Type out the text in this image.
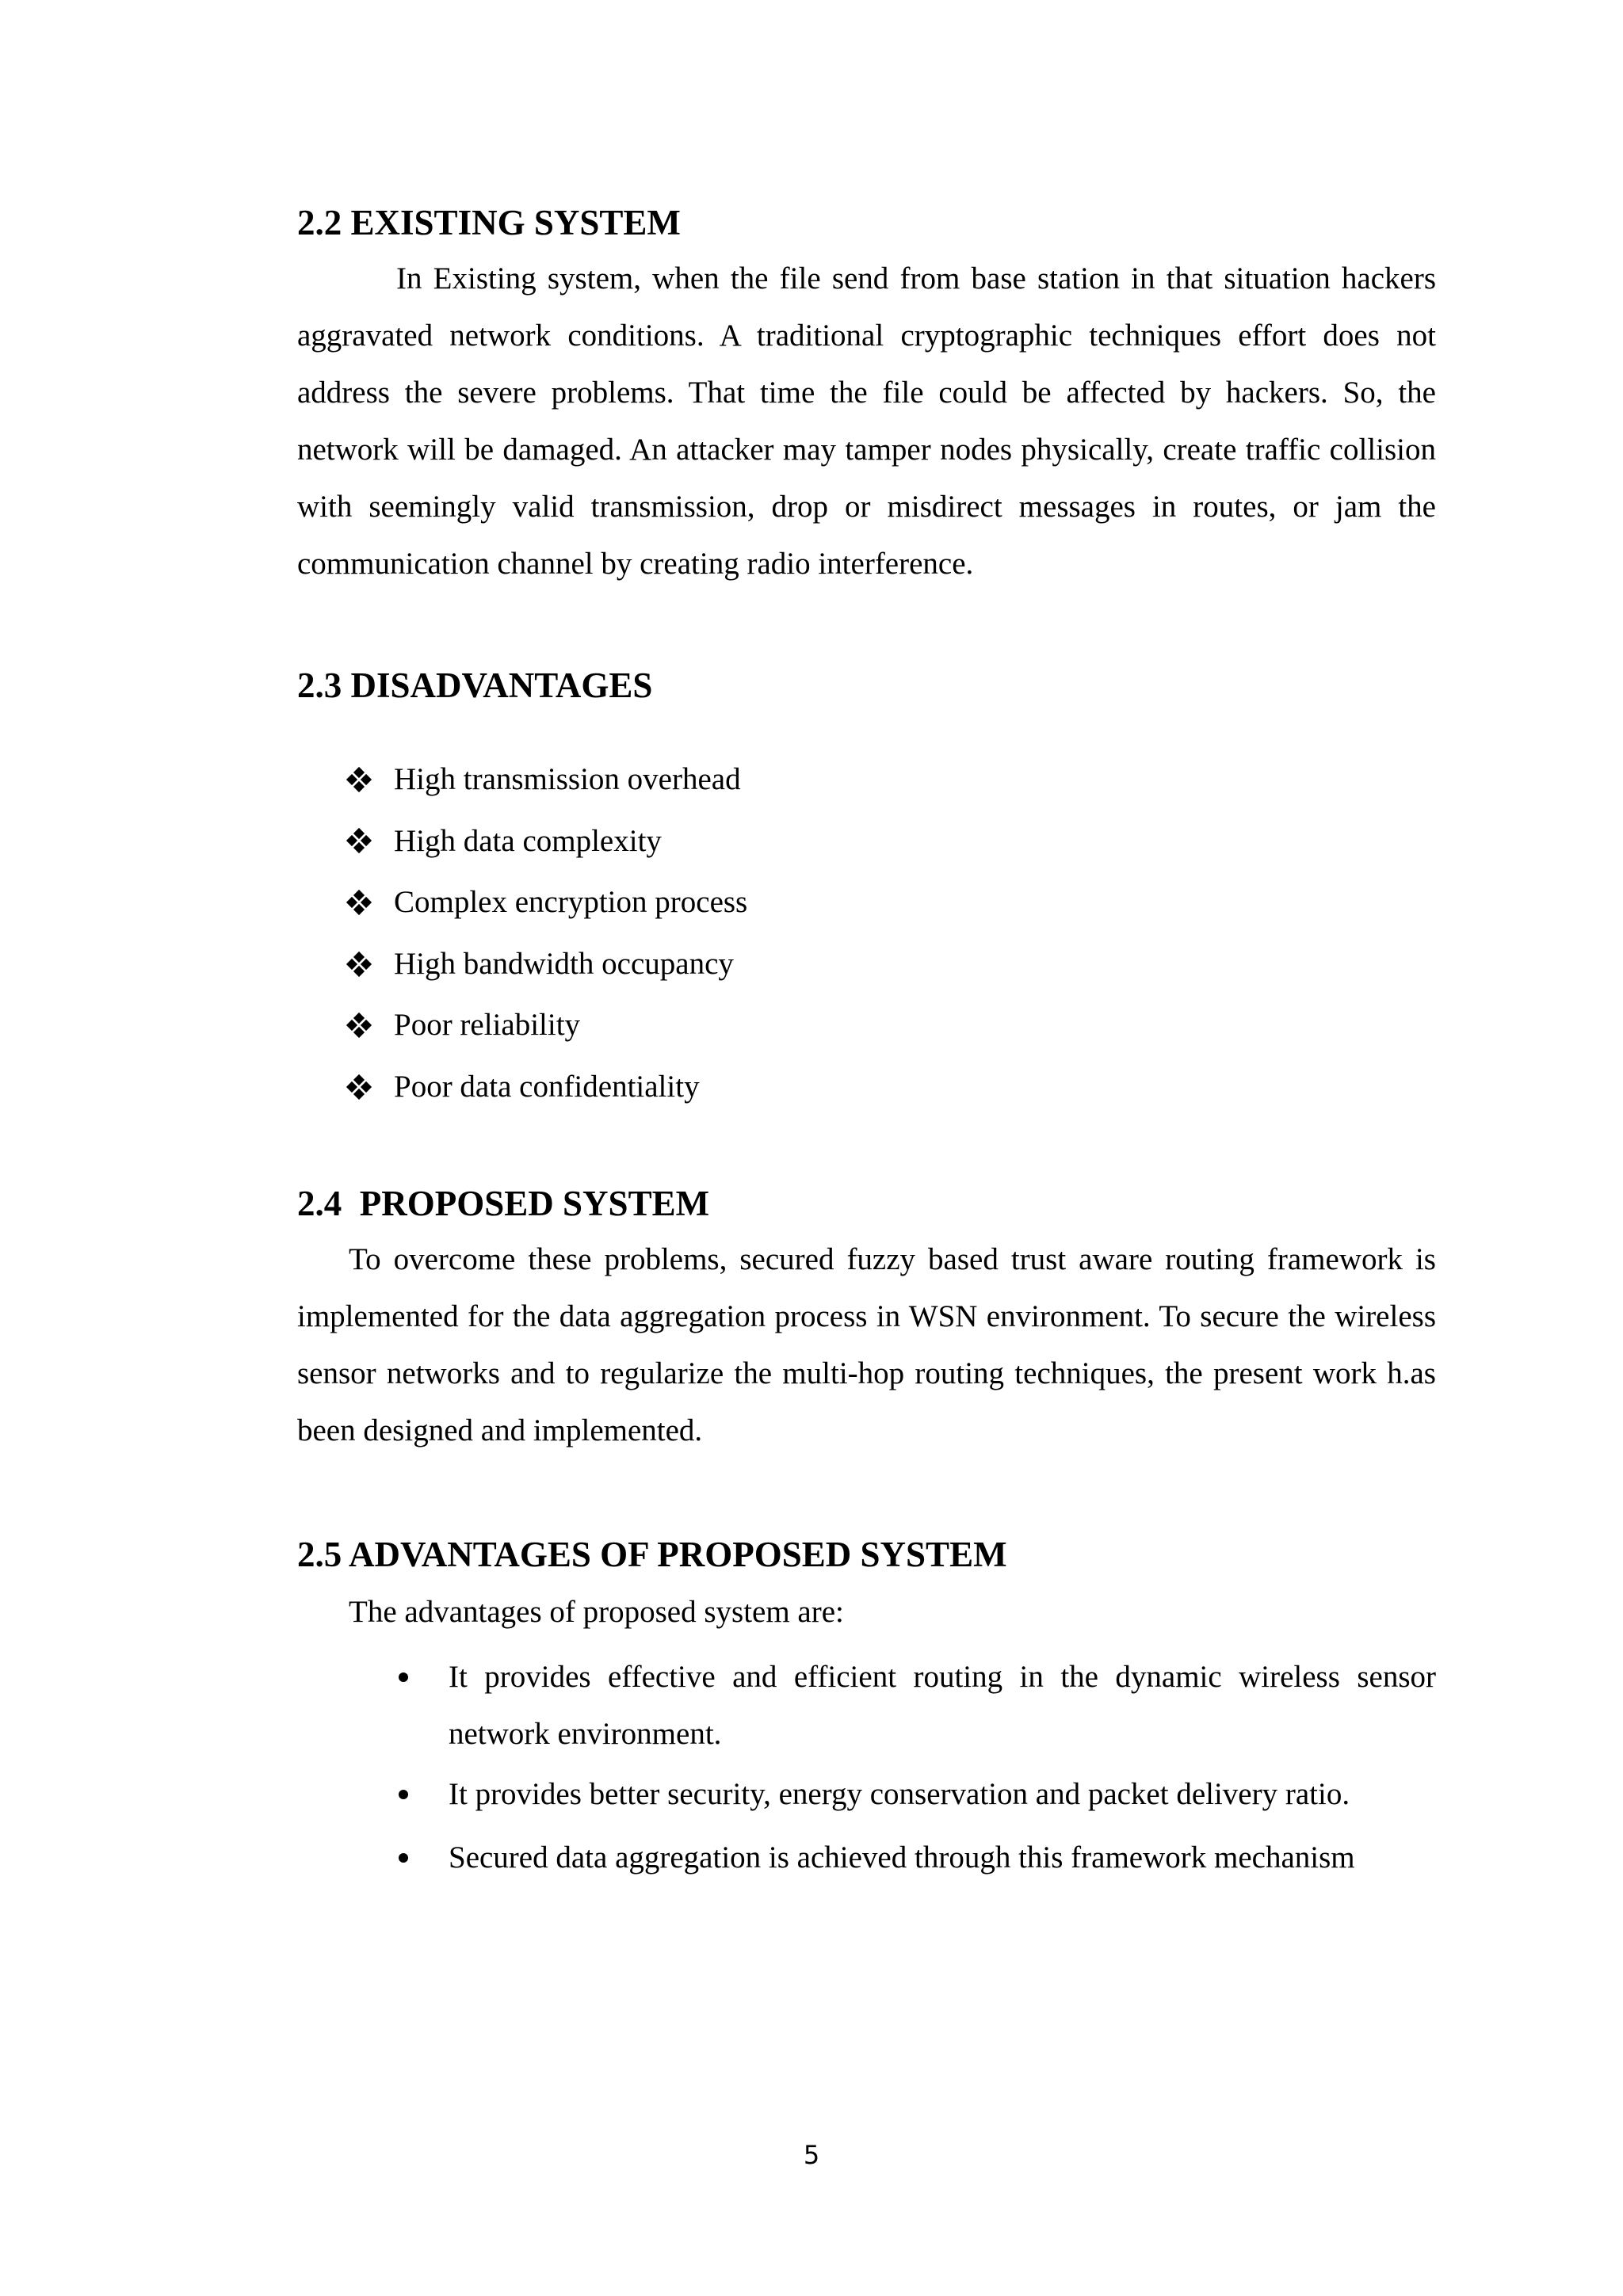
2.2 EXISTING SYSTEM

In Existing system, when the file send from base station in that situation hackers aggravated network conditions. A traditional cryptographic techniques effort does not address the severe problems. That time the file could be affected by hackers. So, the network will be damaged. An attacker may tamper nodes physically, create traffic collision with seemingly valid transmission, drop or misdirect messages in routes, or jam the communication channel by creating radio interference.

2.3 DISADVANTAGES
High transmission overhead
High data complexity
Complex encryption process
High bandwidth occupancy
Poor reliability
Poor data confidentiality
2.4  PROPOSED SYSTEM

To overcome these problems, secured fuzzy based trust aware routing framework is implemented for the data aggregation process in WSN environment. To secure the wireless sensor networks and to regularize the multi-hop routing techniques, the present work h.as been designed and implemented.

2.5 ADVANTAGES OF PROPOSED SYSTEM

The advantages of proposed system are:

It provides effective and efficient routing in the dynamic wireless sensor network environment.
It provides better security, energy conservation and packet delivery ratio.
Secured data aggregation is achieved through this framework mechanism
5
